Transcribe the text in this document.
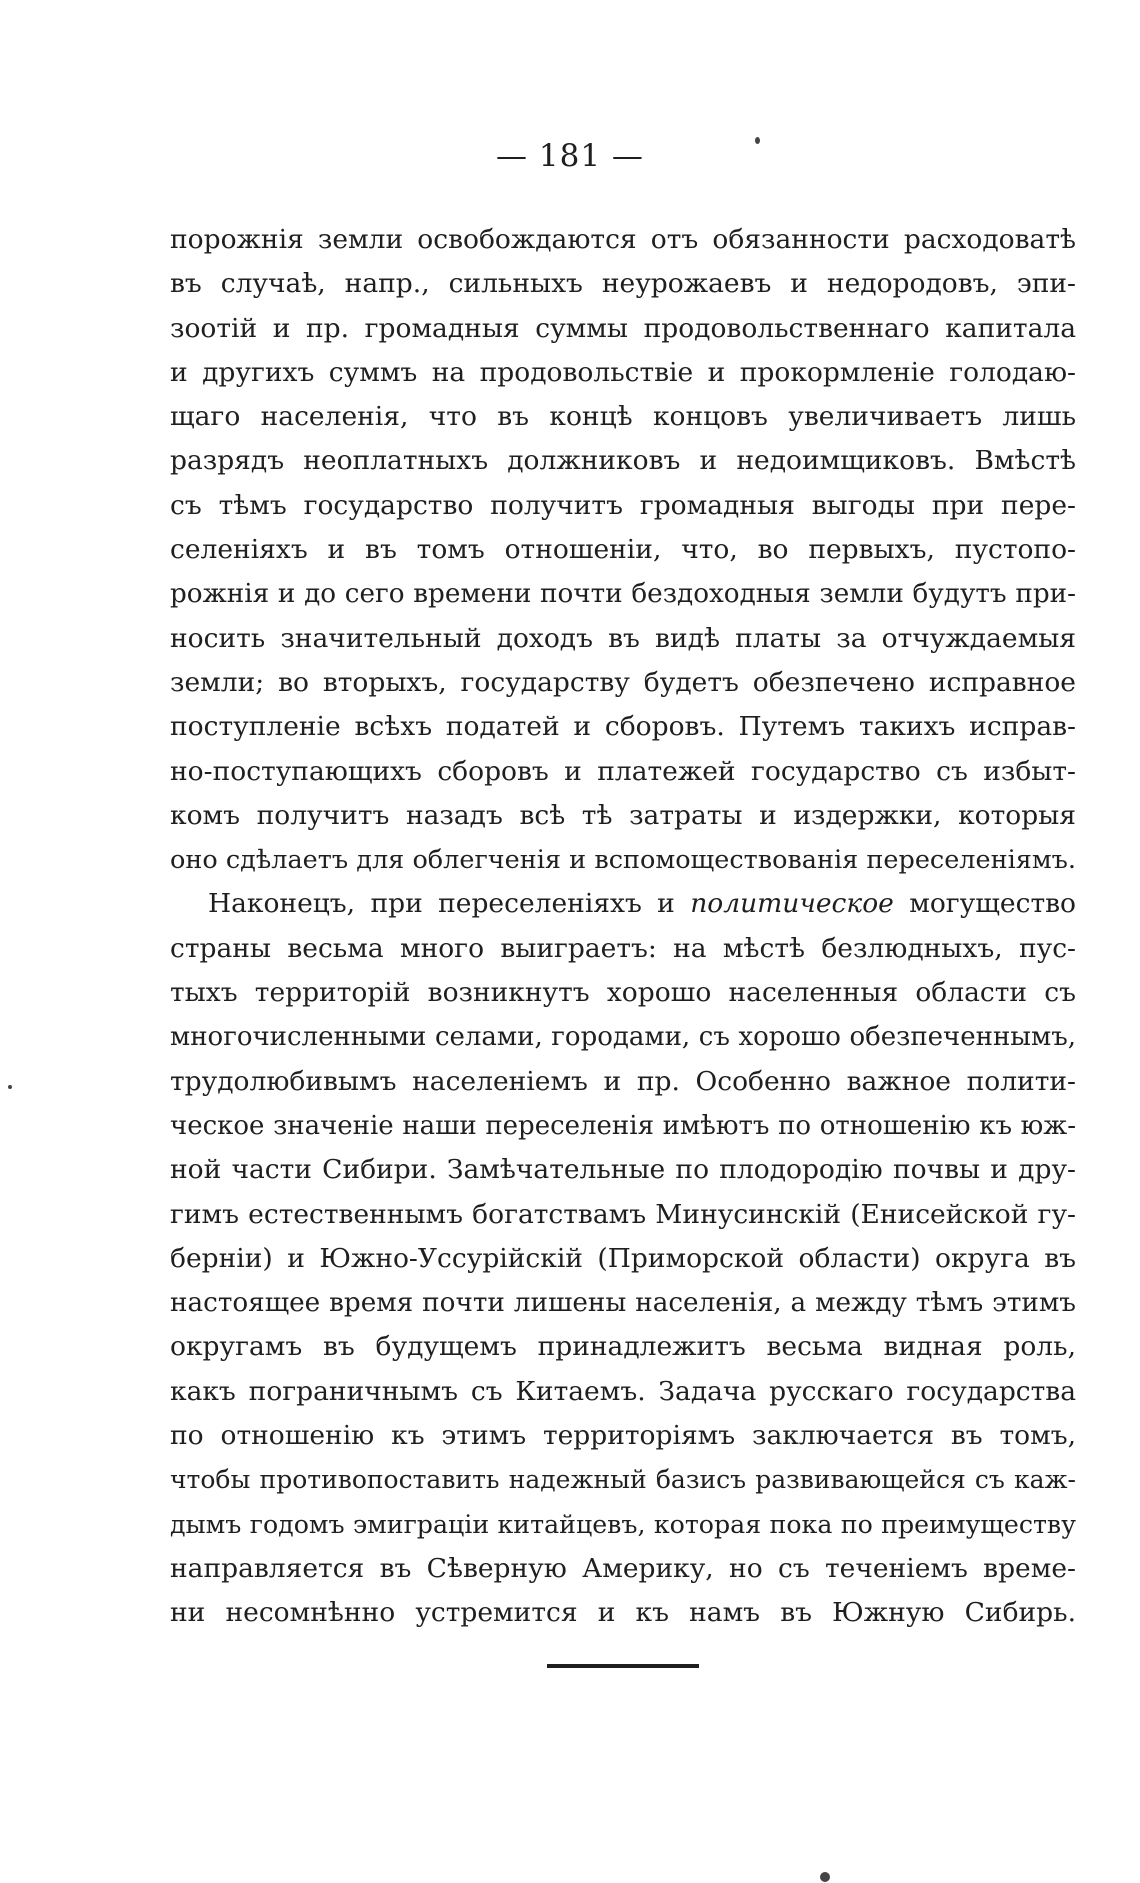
— 181 —
порожнія земли освобождаются отъ обязанности расходоватѣ
въ случаѣ, напр., сильныхъ неурожаевъ и недородовъ, эпи-
зоотій и пр. громадныя суммы продовольственнаго капитала
и другихъ суммъ на продовольствіе и прокормленіе голодаю-
щаго населенія, что въ концѣ концовъ увеличиваетъ лишь
разрядъ неоплатныхъ должниковъ и недоимщиковъ. Вмѣстѣ
съ тѣмъ государство получитъ громадныя выгоды при пере-
селеніяхъ и въ томъ отношеніи, что, во первыхъ, пустопо-
рожнія и до сего времени почти бездоходныя земли будутъ при-
носить значительный доходъ въ видѣ платы за отчуждаемыя
земли; во вторыхъ, государству будетъ обезпечено исправное
поступленіе всѣхъ податей и сборовъ. Путемъ такихъ исправ-
но-поступающихъ сборовъ и платежей государство съ избыт-
комъ получитъ назадъ всѣ тѣ затраты и издержки, которыя
оно сдѣлаетъ для облегченія и вспомоществованія переселеніямъ.
Наконецъ, при переселеніяхъ и политическое могущество
страны весьма много выиграетъ: на мѣстѣ безлюдныхъ, пус-
тыхъ территорій возникнутъ хорошо населенныя области съ
многочисленными селами, городами, съ хорошо обезпеченнымъ,
трудолюбивымъ населеніемъ и пр. Особенно важное полити-
ческое значеніе наши переселенія имѣютъ по отношенію къ юж-
ной части Сибири. Замѣчательные по плодородію почвы и дру-
гимъ естественнымъ богатствамъ Минусинскій (Енисейской гу-
берніи) и Южно-Уссурійскій (Приморской области) округа въ
настоящее время почти лишены населенія, а между тѣмъ этимъ
округамъ въ будущемъ принадлежитъ весьма видная роль,
какъ пограничнымъ съ Китаемъ. Задача русскаго государства
по отношенію къ этимъ территоріямъ заключается въ томъ,
чтобы противопоставить надежный базисъ развивающейся съ каж-
дымъ годомъ эмиграціи китайцевъ, которая пока по преимуществу
направляется въ Сѣверную Америку, но съ теченіемъ време-
ни несомнѣнно устремится и къ намъ въ Южную Сибирь.
